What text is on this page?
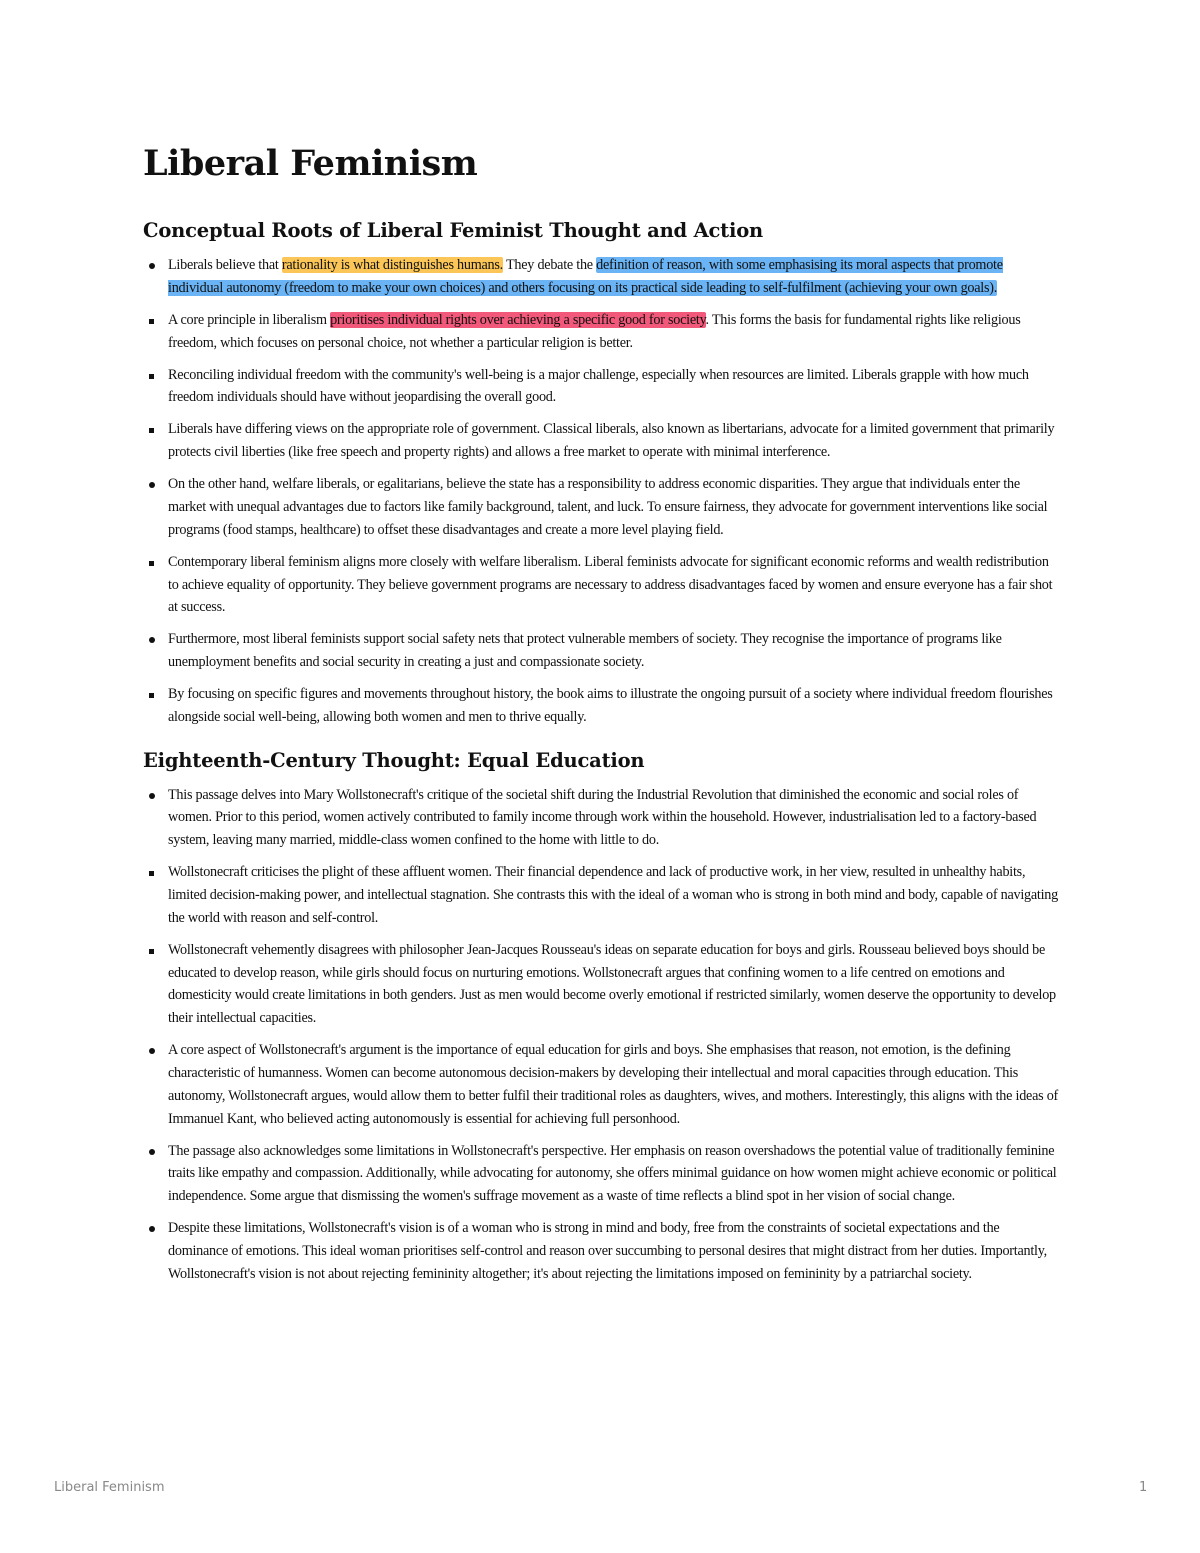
Liberal Feminism
Conceptual Roots of Liberal Feminist Thought and Action
Liberals believe that rationality is what distinguishes humans. They debate the definition of reason, with some emphasising its moral aspects that promote individual autonomy (freedom to make your own choices) and others focusing on its practical side leading to self-fulfilment (achieving your own goals).
A core principle in liberalism prioritises individual rights over achieving a specific good for society. This forms the basis for fundamental rights like religious freedom, which focuses on personal choice, not whether a particular religion is better.
Reconciling individual freedom with the community's well-being is a major challenge, especially when resources are limited. Liberals grapple with how much freedom individuals should have without jeopardising the overall good.
Liberals have differing views on the appropriate role of government. Classical liberals, also known as libertarians, advocate for a limited government that primarily protects civil liberties (like free speech and property rights) and allows a free market to operate with minimal interference.
On the other hand, welfare liberals, or egalitarians, believe the state has a responsibility to address economic disparities. They argue that individuals enter the market with unequal advantages due to factors like family background, talent, and luck. To ensure fairness, they advocate for government interventions like social programs (food stamps, healthcare) to offset these disadvantages and create a more level playing field.
Contemporary liberal feminism aligns more closely with welfare liberalism. Liberal feminists advocate for significant economic reforms and wealth redistribution to achieve equality of opportunity. They believe government programs are necessary to address disadvantages faced by women and ensure everyone has a fair shot at success.
Furthermore, most liberal feminists support social safety nets that protect vulnerable members of society. They recognise the importance of programs like unemployment benefits and social security in creating a just and compassionate society.
By focusing on specific figures and movements throughout history, the book aims to illustrate the ongoing pursuit of a society where individual freedom flourishes alongside social well-being, allowing both women and men to thrive equally.
Eighteenth-Century Thought: Equal Education
This passage delves into Mary Wollstonecraft's critique of the societal shift during the Industrial Revolution that diminished the economic and social roles of women. Prior to this period, women actively contributed to family income through work within the household. However, industrialisation led to a factory-based system, leaving many married, middle-class women confined to the home with little to do.
Wollstonecraft criticises the plight of these affluent women. Their financial dependence and lack of productive work, in her view, resulted in unhealthy habits, limited decision-making power, and intellectual stagnation. She contrasts this with the ideal of a woman who is strong in both mind and body, capable of navigating the world with reason and self-control.
Wollstonecraft vehemently disagrees with philosopher Jean-Jacques Rousseau's ideas on separate education for boys and girls. Rousseau believed boys should be educated to develop reason, while girls should focus on nurturing emotions. Wollstonecraft argues that confining women to a life centred on emotions and domesticity would create limitations in both genders. Just as men would become overly emotional if restricted similarly, women deserve the opportunity to develop their intellectual capacities.
A core aspect of Wollstonecraft's argument is the importance of equal education for girls and boys. She emphasises that reason, not emotion, is the defining characteristic of humanness. Women can become autonomous decision-makers by developing their intellectual and moral capacities through education. This autonomy, Wollstonecraft argues, would allow them to better fulfil their traditional roles as daughters, wives, and mothers. Interestingly, this aligns with the ideas of Immanuel Kant, who believed acting autonomously is essential for achieving full personhood.
The passage also acknowledges some limitations in Wollstonecraft's perspective. Her emphasis on reason overshadows the potential value of traditionally feminine traits like empathy and compassion. Additionally, while advocating for autonomy, she offers minimal guidance on how women might achieve economic or political independence. Some argue that dismissing the women's suffrage movement as a waste of time reflects a blind spot in her vision of social change.
Despite these limitations, Wollstonecraft's vision is of a woman who is strong in mind and body, free from the constraints of societal expectations and the dominance of emotions. This ideal woman prioritises self-control and reason over succumbing to personal desires that might distract from her duties. Importantly, Wollstonecraft's vision is not about rejecting femininity altogether; it's about rejecting the limitations imposed on femininity by a patriarchal society.
Liberal Feminism	1
